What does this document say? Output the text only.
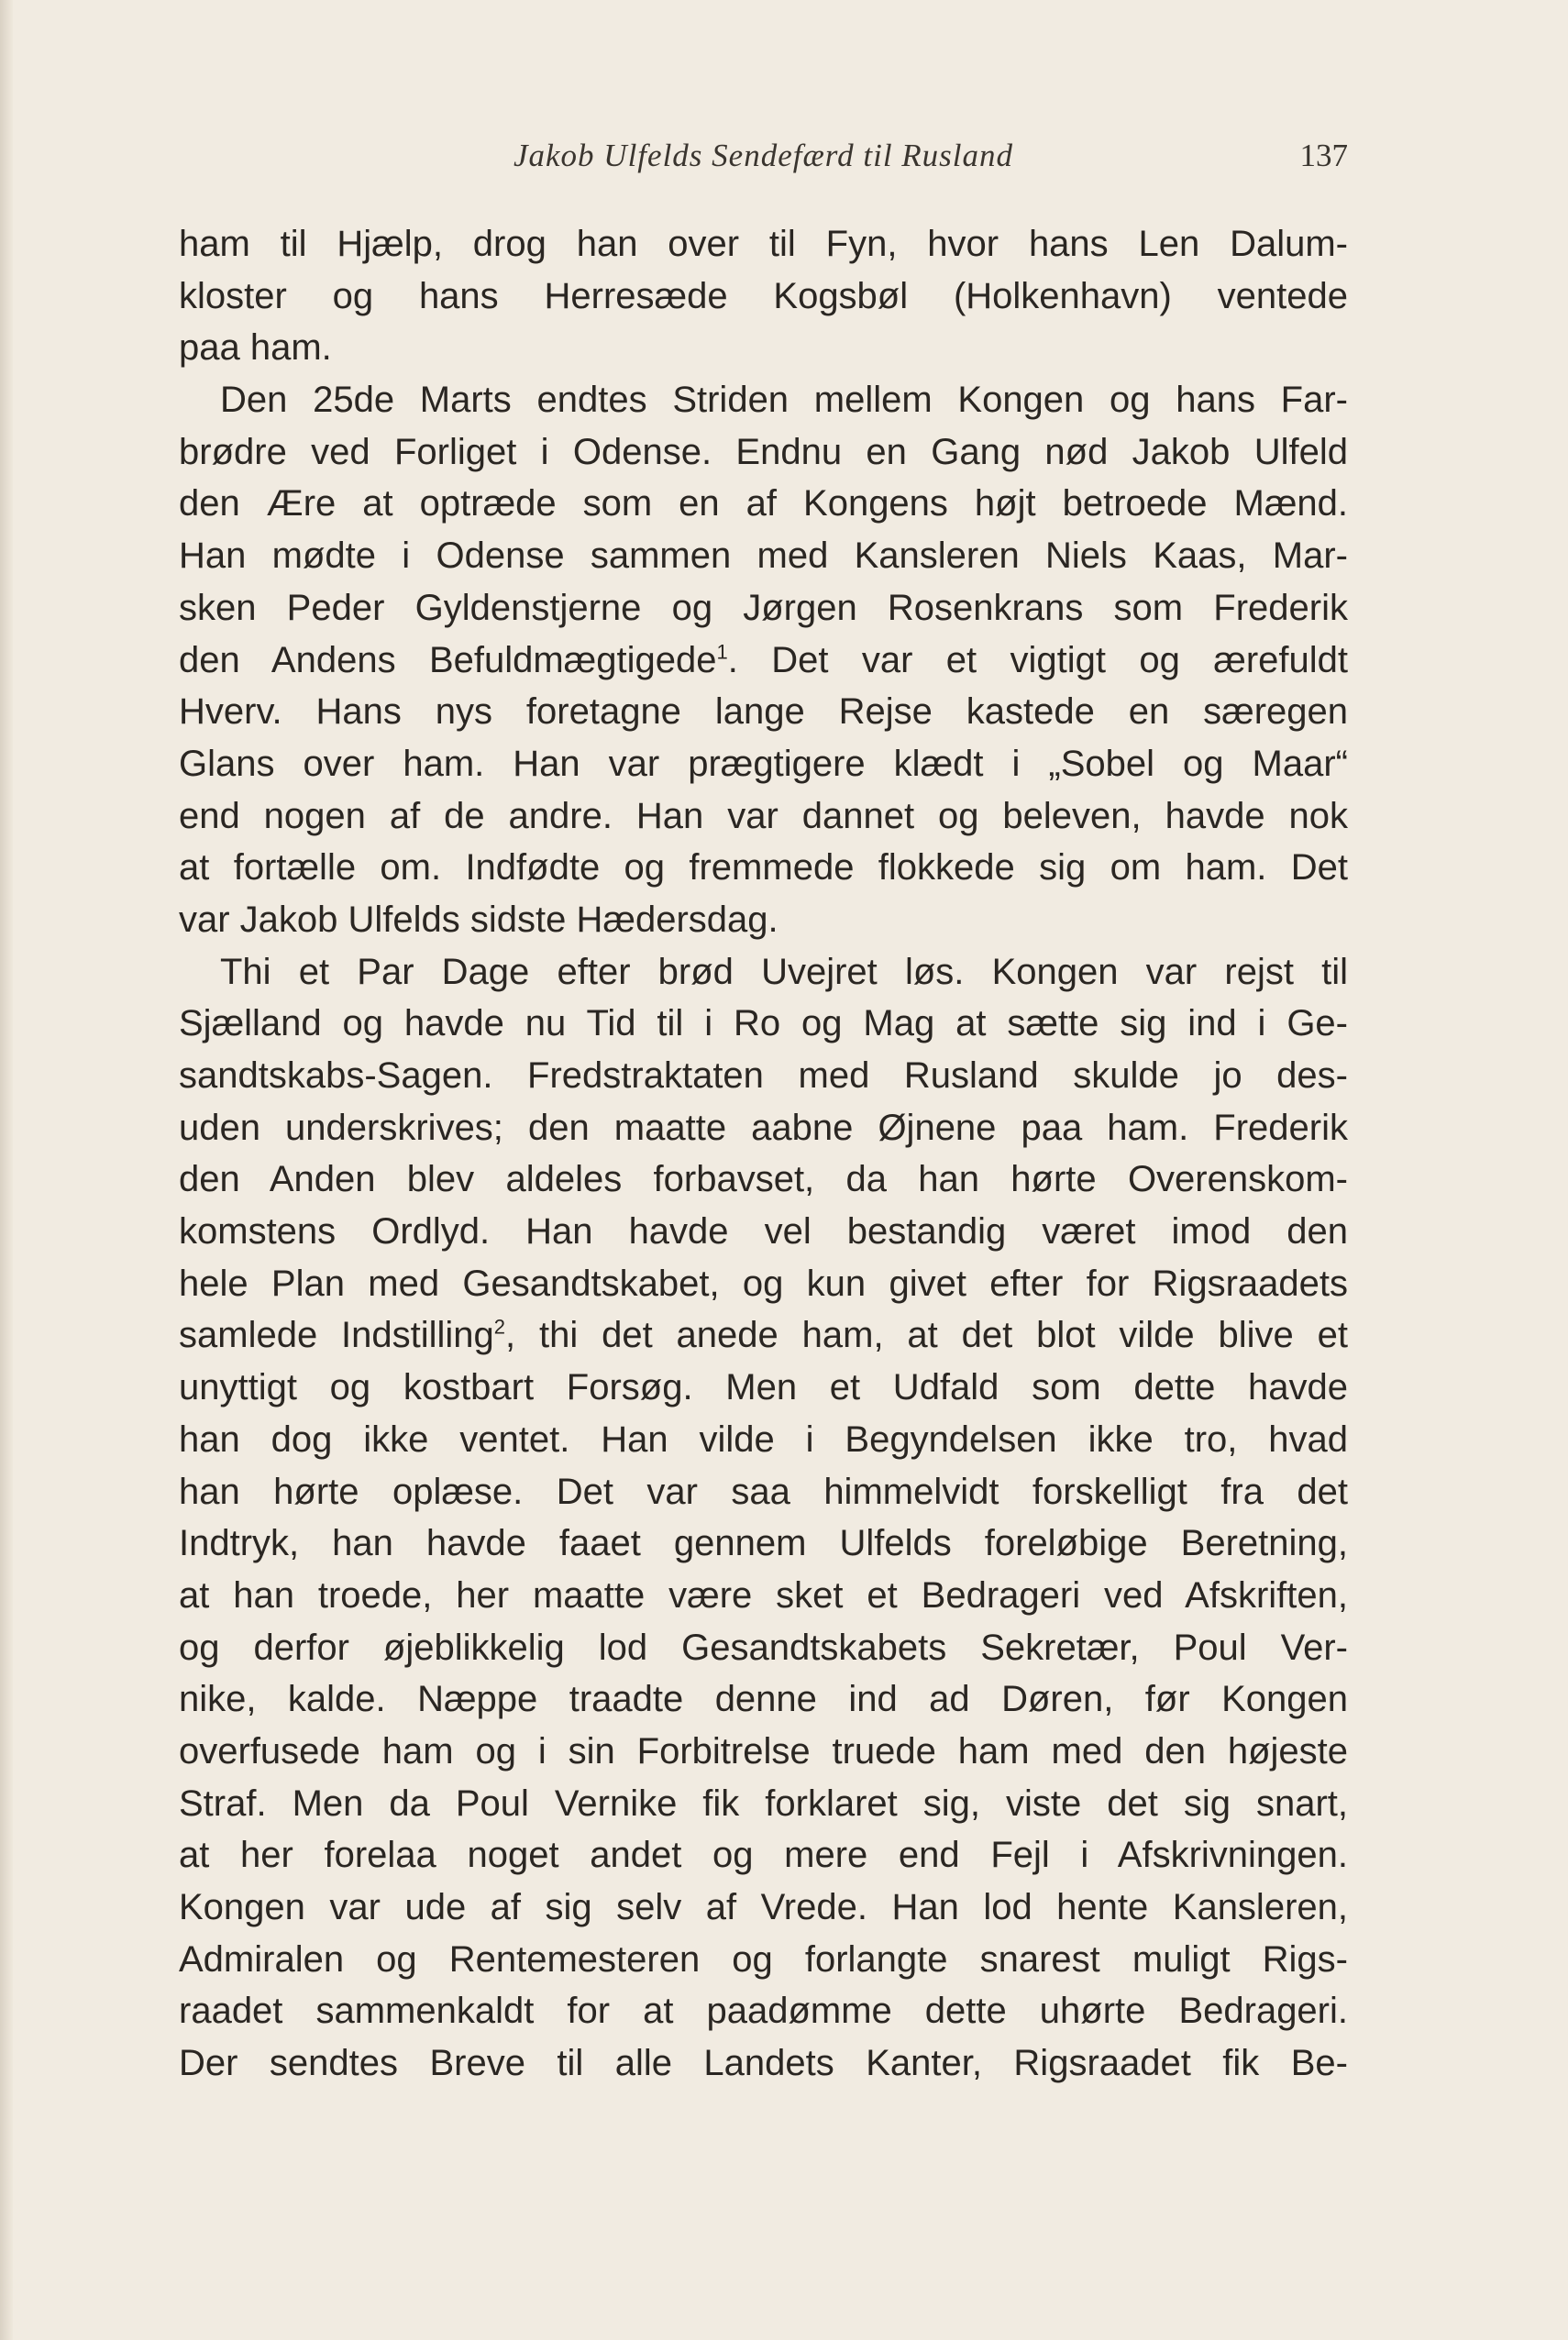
Jakob Ulfelds Sendefærd til Rusland	137
ham til Hjælp, drog han over til Fyn, hvor hans Len Dalum-
kloster og hans Herresæde Kogsbøl (Holkenhavn) ventede
paa ham.
Den 25de Marts endtes Striden mellem Kongen og hans Far-
brødre ved Forliget i Odense. Endnu en Gang nød Jakob Ulfeld
den Ære at optræde som en af Kongens højt betroede Mænd.
Han mødte i Odense sammen med Kansleren Niels Kaas, Mar-
sken Peder Gyldenstjerne og Jørgen Rosenkrans som Frederik
den Andens Befuldmægtigede$^1$. Det var et vigtigt og ærefuldt
Hverv. Hans nys foretagne lange Rejse kastede en særegen
Glans over ham. Han var prægtigere klædt i „Sobel og Maar“
end nogen af de andre. Han var dannet og beleven, havde nok
at fortælle om. Indfødte og fremmede flokkede sig om ham. Det
var Jakob Ulfelds sidste Hædersdag.
Thi et Par Dage efter brød Uvejret løs. Kongen var rejst til
Sjælland og havde nu Tid til i Ro og Mag at sætte sig ind i Ge-
sandtskabs-Sagen. Fredstraktaten med Rusland skulde jo des-
uden underskrives; den maatte aabne Øjnene paa ham. Frederik
den Anden blev aldeles forbavset, da han hørte Overenskom-
komstens Ordlyd. Han havde vel bestandig været imod den
hele Plan med Gesandtskabet, og kun givet efter for Rigsraadets
samlede Indstilling$^2$, thi det anede ham, at det blot vilde blive et
unyttigt og kostbart Forsøg. Men et Udfald som dette havde
han dog ikke ventet. Han vilde i Begyndelsen ikke tro, hvad
han hørte oplæse. Det var saa himmelvidt forskelligt fra det
Indtryk, han havde faaet gennem Ulfelds foreløbige Beretning,
at han troede, her maatte være sket et Bedrageri ved Afskriften,
og derfor øjeblikkelig lod Gesandtskabets Sekretær, Poul Ver-
nike, kalde. Næppe traadte denne ind ad Døren, før Kongen
overfusede ham og i sin Forbitrelse truede ham med den højeste
Straf. Men da Poul Vernike fik forklaret sig, viste det sig snart,
at her forelaa noget andet og mere end Fejl i Afskrivningen.
Kongen var ude af sig selv af Vrede. Han lod hente Kansleren,
Admiralen og Rentemesteren og forlangte snarest muligt Rigs-
raadet sammenkaldt for at paadømme dette uhørte Bedrageri.
Der sendtes Breve til alle Landets Kanter, Rigsraadet fik Be-
